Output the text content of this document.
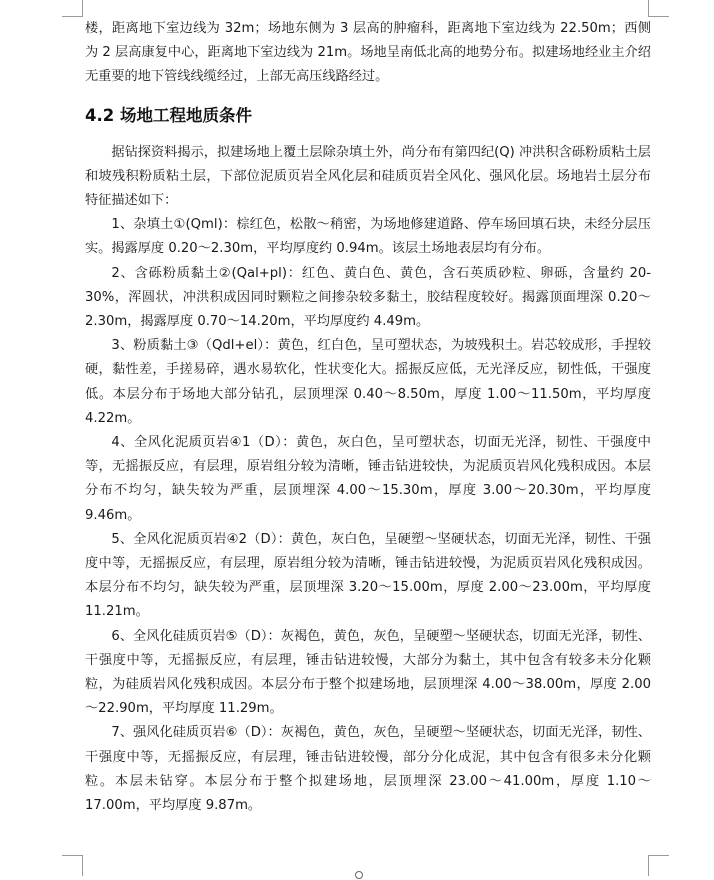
楼，距离地下室边线为 32m；场地东侧为 3 层高的肿瘤科，距离地下室边线为 22.50m；西侧为 2 层高康复中心，距离地下室边线为 21m。场地呈南低北高的地势分布。拟建场地经业主介绍无重要的地下管线线缆经过，上部无高压线路经过。

4.2 场地工程地质条件

据钻探资料揭示，拟建场地上覆土层除杂填土外，尚分布有第四纪(Q) 冲洪积含砾粉质粘土层和坡残积粉质粘土层，下部位泥质页岩全风化层和硅质页岩全风化、强风化层。场地岩土层分布特征描述如下：

1、杂填土①(Qml)：棕红色，松散～稍密，为场地修建道路、停车场回填石块，未经分层压实。揭露厚度 0.20～2.30m，平均厚度约 0.94m。该层土场地表层均有分布。

2、含砾粉质黏土②(Qal+pl)：红色、黄白色、黄色，含石英质砂粒、卵砾，含量约 20-30%，浑圆状，冲洪积成因同时颗粒之间掺杂较多黏土，胶结程度较好。揭露顶面埋深 0.20～2.30m，揭露厚度 0.70～14.20m，平均厚度约 4.49m。

3、粉质黏土③（Qdl+el）：黄色，红白色，呈可塑状态，为坡残积土。岩芯较成形，手捏较硬，黏性差，手搓易碎，遇水易软化，性状变化大。摇振反应低，无光泽反应，韧性低，干强度低。本层分布于场地大部分钻孔，层顶埋深 0.40～8.50m，厚度 1.00～11.50m，平均厚度 4.22m。

4、全风化泥质页岩④1（D）：黄色，灰白色，呈可塑状态，切面无光泽，韧性、干强度中等，无摇振反应，有层理，原岩组分较为清晰，锤击钻进较快，为泥质页岩风化残积成因。本层分布不均匀，缺失较为严重，层顶埋深 4.00～15.30m，厚度 3.00～20.30m，平均厚度 9.46m。

5、全风化泥质页岩④2（D）：黄色，灰白色，呈硬塑～坚硬状态，切面无光泽，韧性、干强度中等，无摇振反应，有层理，原岩组分较为清晰，锤击钻进较慢，为泥质页岩风化残积成因。本层分布不均匀，缺失较为严重，层顶埋深 3.20～15.00m，厚度 2.00～23.00m，平均厚度 11.21m。

6、全风化硅质页岩⑤（D）：灰褐色，黄色，灰色，呈硬塑～坚硬状态，切面无光泽，韧性、干强度中等，无摇振反应，有层理，锤击钻进较慢，大部分为黏土，其中包含有较多未分化颗粒，为硅质岩风化残积成因。本层分布于整个拟建场地，层顶埋深 4.00～38.00m，厚度 2.00～22.90m，平均厚度 11.29m。

7、强风化硅质页岩⑥（D）：灰褐色，黄色，灰色，呈硬塑～坚硬状态，切面无光泽，韧性、干强度中等，无摇振反应，有层理，锤击钻进较慢，部分分化成泥，其中包含有很多未分化颗粒。本层未钻穿。本层分布于整个拟建场地，层顶埋深 23.00～41.00m，厚度 1.10～17.00m，平均厚度 9.87m。
